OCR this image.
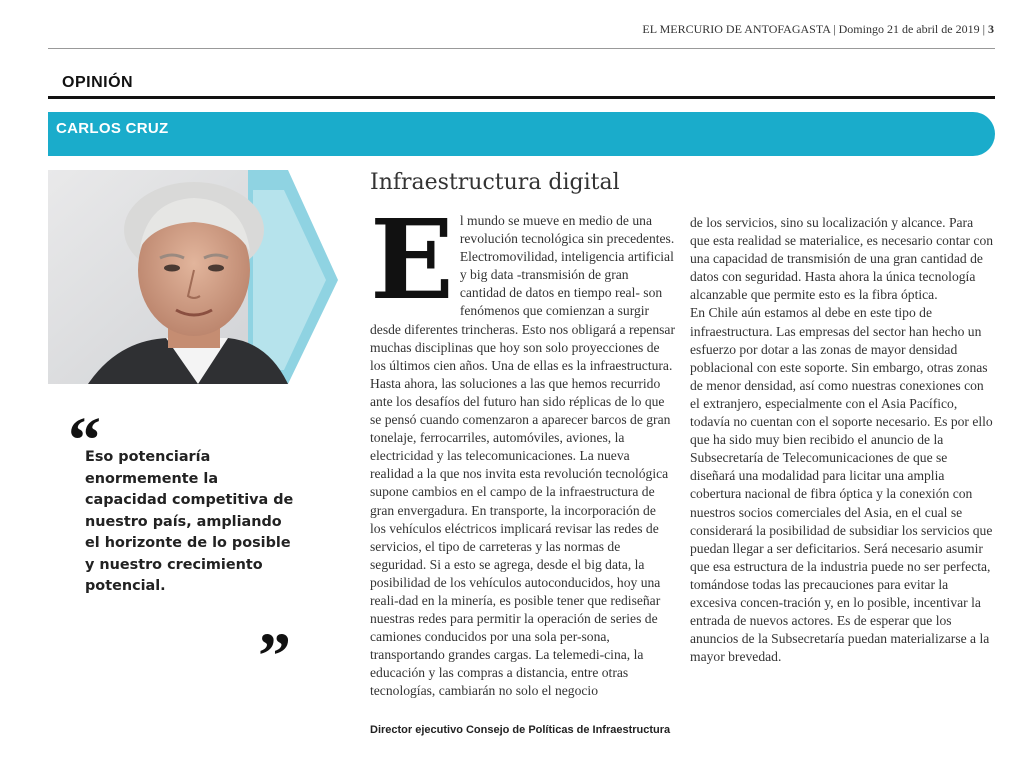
EL MERCURIO DE ANTOFAGASTA | Domingo 21 de abril de 2019 | 3
OPINIÓN
CARLOS CRUZ
“
Eso potenciaría enormemente la capacidad competitiva de nuestro país, ampliando el horizonte de lo posible y nuestro crecimiento potencial.
”
Infraestructura digital
E l mundo se mueve en medio de una revolución tecnológica sin precedentes. Electromovilidad, inteligencia artificial y big data -transmisión de gran cantidad de datos en tiempo real- son fenómenos que comienzan a surgir desde diferentes trincheras. Esto nos obligará a repensar muchas disciplinas que hoy son solo proyecciones de los últimos cien años. Una de ellas es la infraestructura. Hasta ahora, las soluciones a las que hemos recurrido ante los desafíos del futuro han sido réplicas de lo que se pensó cuando comenzaron a aparecer barcos de gran tonelaje, ferrocarriles, automóviles, aviones, la electricidad y las telecomunicaciones. La nueva realidad a la que nos invita esta revolución tecnológica supone cambios en el campo de la infraestructura de gran envergadura. En transporte, la incorporación de los vehículos eléctricos implicará revisar las redes de servicios, el tipo de carreteras y las normas de seguridad. Si a esto se agrega, desde el big data, la posibilidad de los vehículos autoconducidos, hoy una reali-dad en la minería, es posible tener que rediseñar nuestras redes para permitir la operación de series de camiones conducidos por una sola per-sona, transportando grandes cargas. La telemedi-cina, la educación y las compras a distancia, entre otras tecnologías, cambiarán no solo el negocio

de los servicios, sino su localización y alcance. Para que esta realidad se materialice, es necesario contar con una capacidad de transmisión de una gran cantidad de datos con seguridad. Hasta ahora la única tecnología alcanzable que permite esto es la fibra óptica.

En Chile aún estamos al debe en este tipo de infraestructura. Las empresas del sector han hecho un esfuerzo por dotar a las zonas de mayor densidad poblacional con este soporte. Sin embargo, otras zonas de menor densidad, así como nuestras conexiones con el extranjero, especialmente con el Asia Pacífico, todavía no cuentan con el soporte necesario. Es por ello que ha sido muy bien recibido el anuncio de la Subsecretaría de Telecomunicaciones de que se diseñará una modalidad para licitar una amplia cobertura nacional de fibra óptica y la conexión con nuestros socios comerciales del Asia, en el cual se considerará la posibilidad de subsidiar los servicios que puedan llegar a ser deficitarios. Será necesario asumir que esa estructura de la industria puede no ser perfecta, tomándose todas las precauciones para evitar la excesiva concen-tración y, en lo posible, incentivar la entrada de nuevos actores. Es de esperar que los anuncios de la Subsecretaría puedan materializarse a la mayor brevedad.

Director ejecutivo Consejo de Políticas de Infraestructura
